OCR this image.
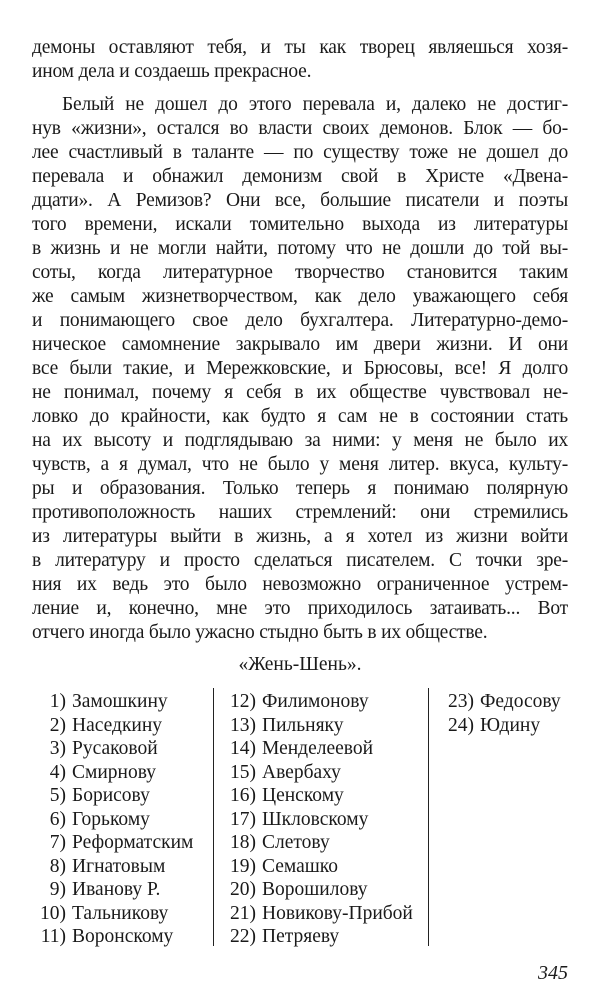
демоны оставляют тебя, и ты как творец являешься хозя-
ином дела и создаешь прекрасное.
Белый не дошел до этого перевала и, далеко не достиг-
нув «жизни», остался во власти своих демонов. Блок — бо-
лее счастливый в таланте — по существу тоже не дошел до
перевала и обнажил демонизм свой в Христе «Двена-
дцати». А Ремизов? Они все, большие писатели и поэты
того времени, искали томительно выхода из литературы
в жизнь и не могли найти, потому что не дошли до той вы-
соты, когда литературное творчество становится таким
же самым жизнетворчеством, как дело уважающего себя
и понимающего свое дело бухгалтера. Литературно-демо-
ническое самомнение закрывало им двери жизни. И они
все были такие, и Мережковские, и Брюсовы, все! Я долго
не понимал, почему я себя в их обществе чувствовал не-
ловко до крайности, как будто я сам не в состоянии стать
на их высоту и подглядываю за ними: у меня не было их
чувств, а я думал, что не было у меня литер. вкуса, культу-
ры и образования. Только теперь я понимаю полярную
противоположность наших стремлений: они стремились
из литературы выйти в жизнь, а я хотел из жизни войти
в литературу и просто сделаться писателем. С точки зре-
ния их ведь это было невозможно ограниченное устрем-
ление и, конечно, мне это приходилось затаивать... Вот
отчего иногда было ужасно стыдно быть в их обществе.
«Жень-Шень».
1) Замошкину
2) Наседкину
3) Русаковой
4) Смирнову
5) Борисову
6) Горькому
7) Реформатским
8) Игнатовым
9) Иванову Р.
10) Тальникову
11) Воронскому
12) Филимонову
13) Пильняку
14) Менделеевой
15) Авербаху
16) Ценскому
17) Шкловскому
18) Слетову
19) Семашко
20) Ворошилову
21) Новикову-Прибой
22) Петряеву
23) Федосову
24) Юдину
345
